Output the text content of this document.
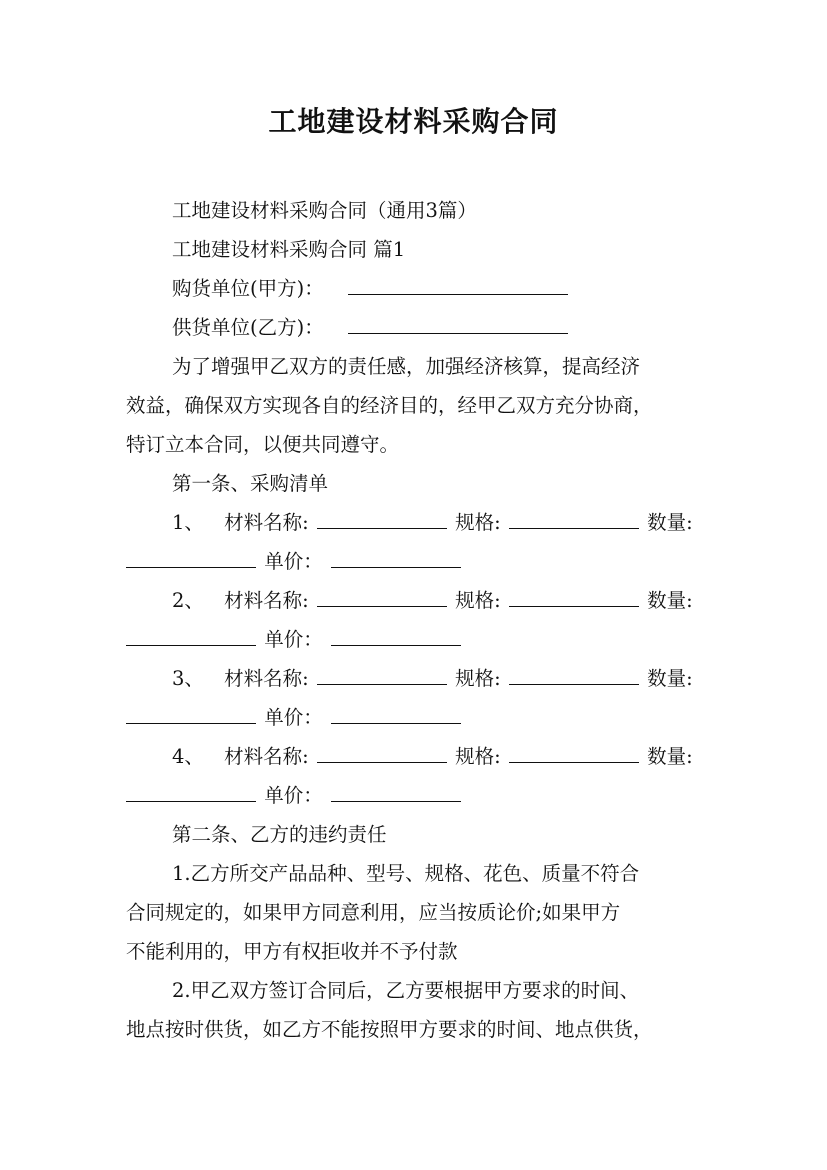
工地建设材料采购合同
工地建设材料采购合同（通用3篇）
工地建设材料采购合同 篇1
购货单位(甲方)：
供货单位(乙方)：
为了增强甲乙双方的责任感，加强经济核算，提高经济
效益，确保双方实现各自的经济目的，经甲乙双方充分协商，
特订立本合同，以便共同遵守。
第一条、采购清单
1、 材料名称:	规格:	数量:
单价：
2、 材料名称:	规格:	数量:
单价：
3、 材料名称:	规格:	数量:
单价：
4、 材料名称:	规格:	数量:
单价：
第二条、乙方的违约责任
1.乙方所交产品品种、型号、规格、花色、质量不符合
合同规定的，如果甲方同意利用，应当按质论价;如果甲方
不能利用的，甲方有权拒收并不予付款
2.甲乙双方签订合同后，乙方要根据甲方要求的时间、
地点按时供货，如乙方不能按照甲方要求的时间、地点供货，
